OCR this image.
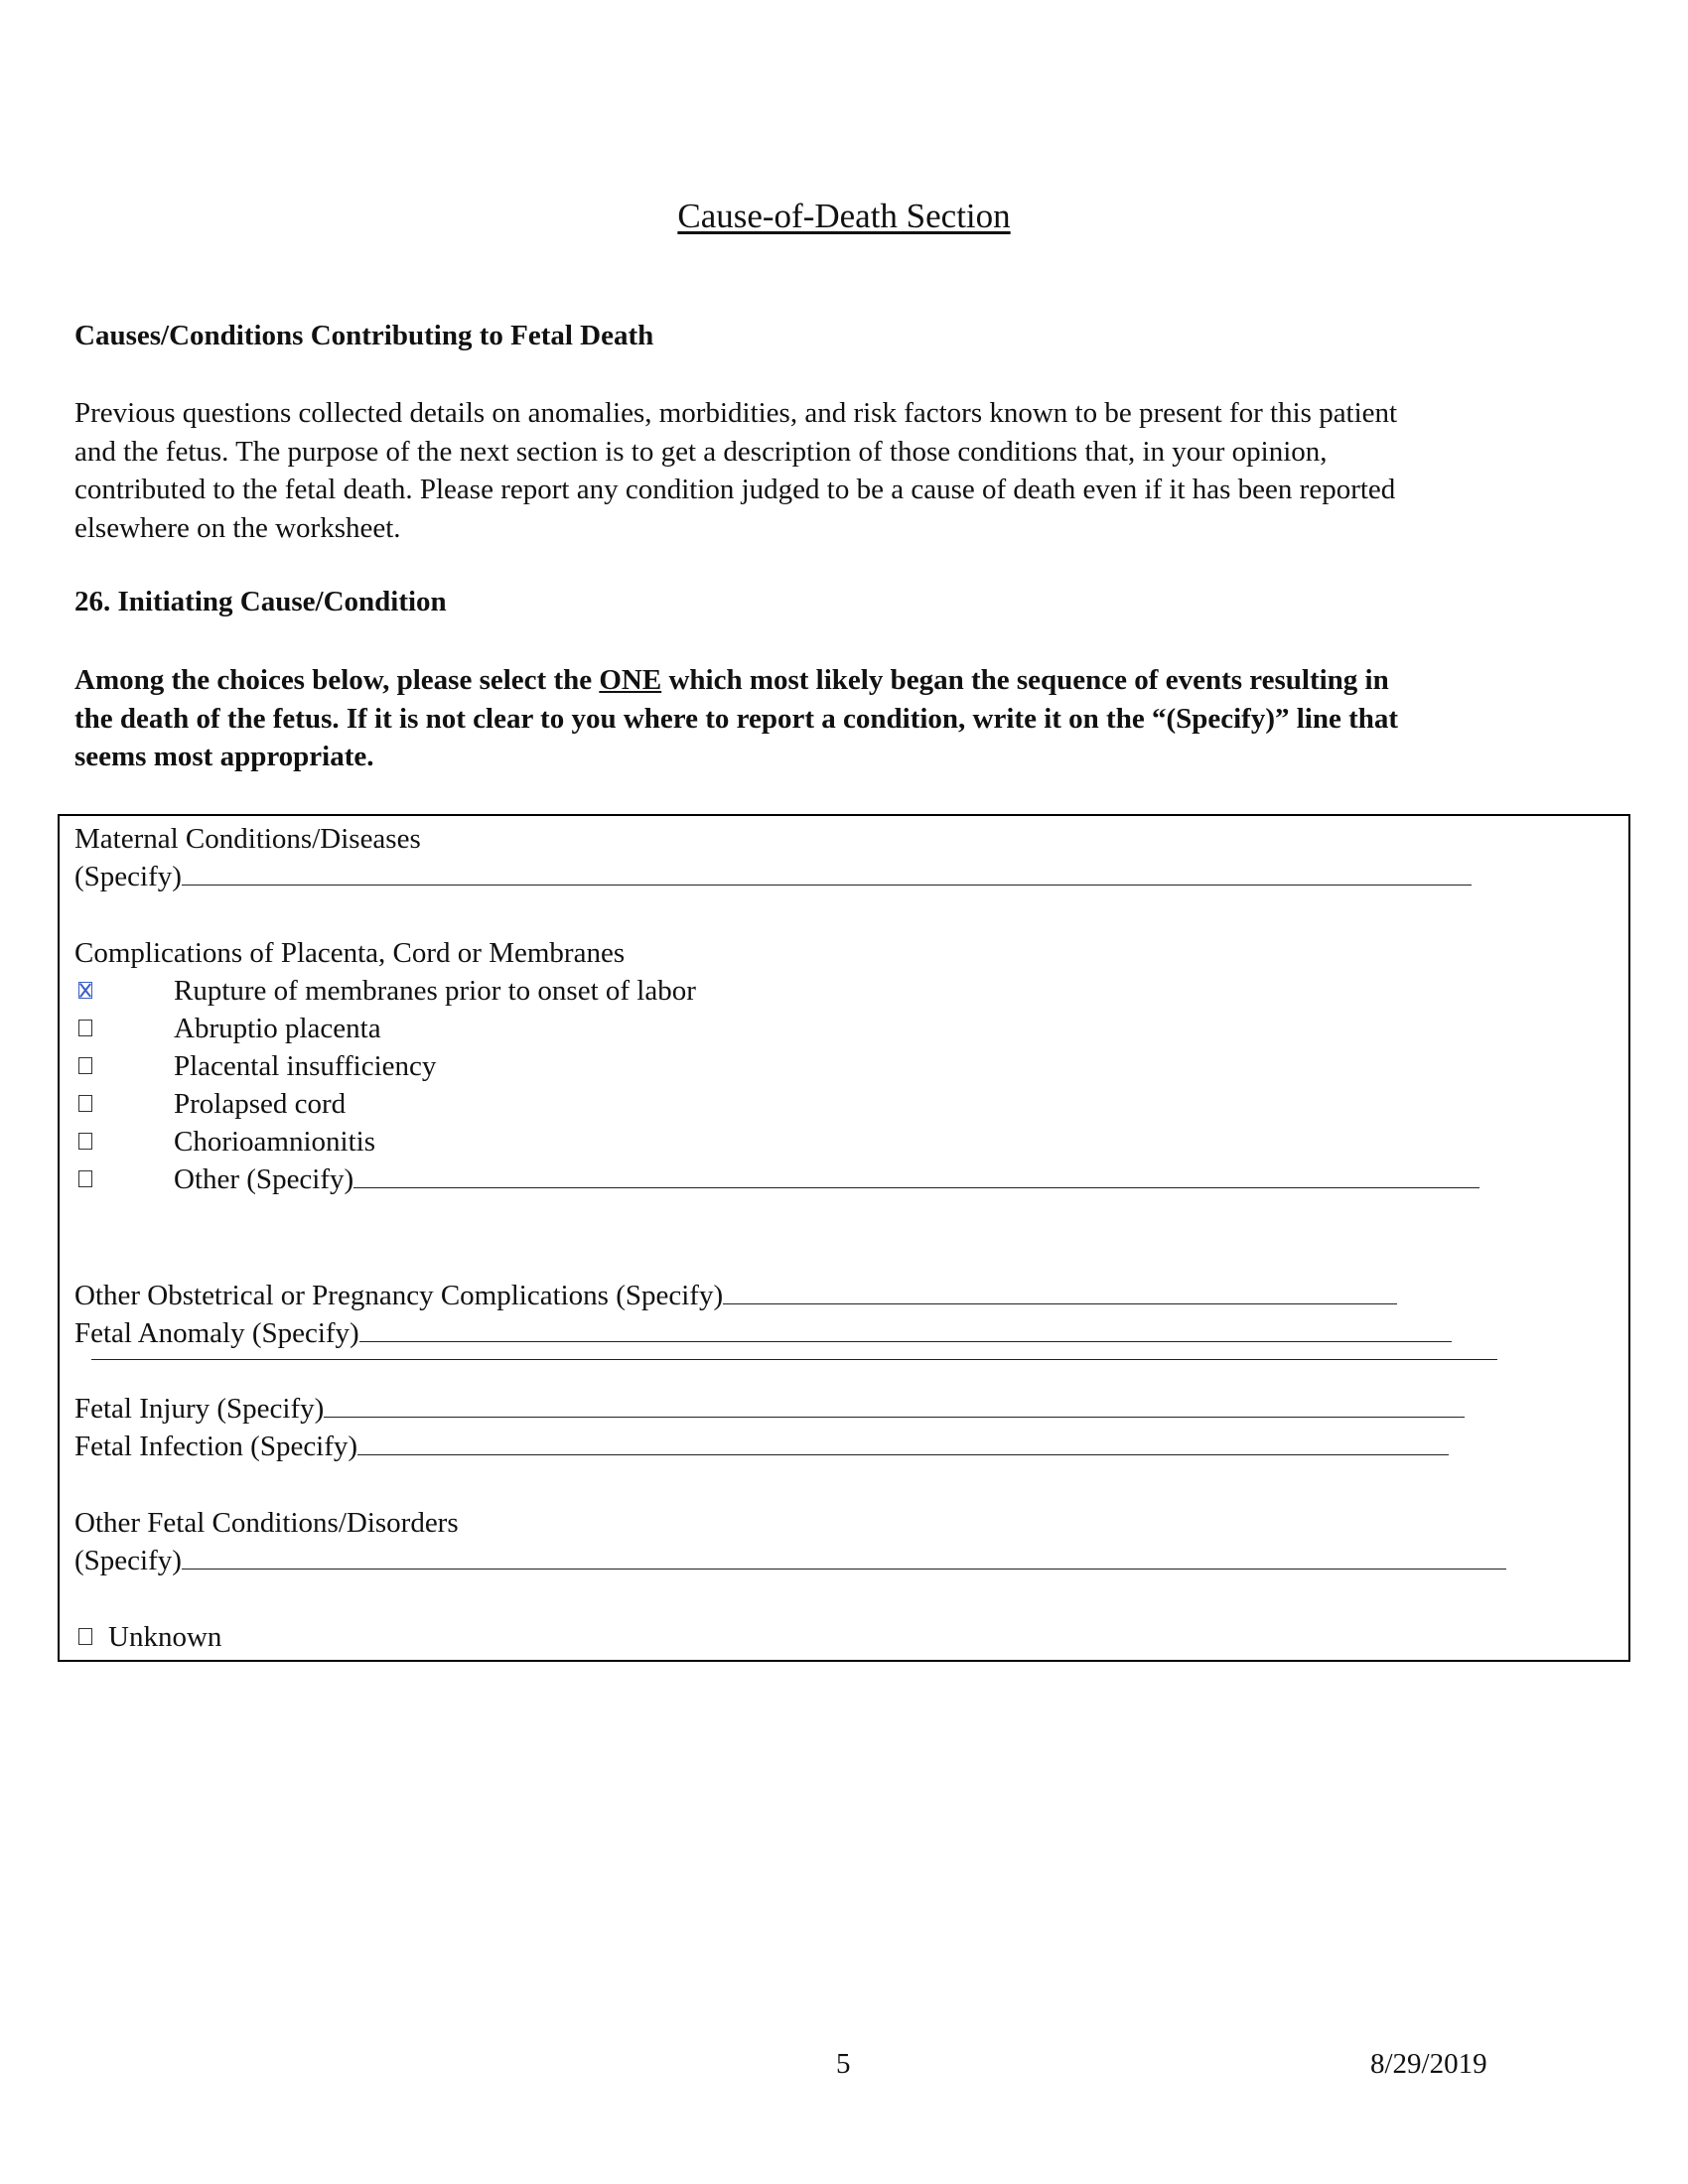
Cause-of-Death Section
Causes/Conditions Contributing to Fetal Death

Previous questions collected details on anomalies, morbidities, and risk factors known to be present for this patient

and the fetus. The purpose of the next section is to get a description of those conditions that, in your opinion,

contributed to the fetal death. Please report any condition judged to be a cause of death even if it has been reported

elsewhere on the worksheet.

26. Initiating Cause/Condition

Among the choices below, please select the ONE which most likely began the sequence of events resulting in

the death of the fetus. If it is not clear to you where to report a condition, write it on the “(Specify)” line that

seems most appropriate.

Maternal Conditions/Diseases
(Specify)
Complications of Placenta, Cord or Membranes
Rupture of membranes prior to onset of labor
Abruptio placenta
Placental insufficiency
Prolapsed cord
Chorioamnionitis
Other (Specify)
Other Obstetrical or Pregnancy Complications (Specify)
Fetal Anomaly (Specify)
Fetal Injury (Specify)
Fetal Infection (Specify)
Other Fetal Conditions/Disorders
(Specify)
Unknown
5	8/29/2019
